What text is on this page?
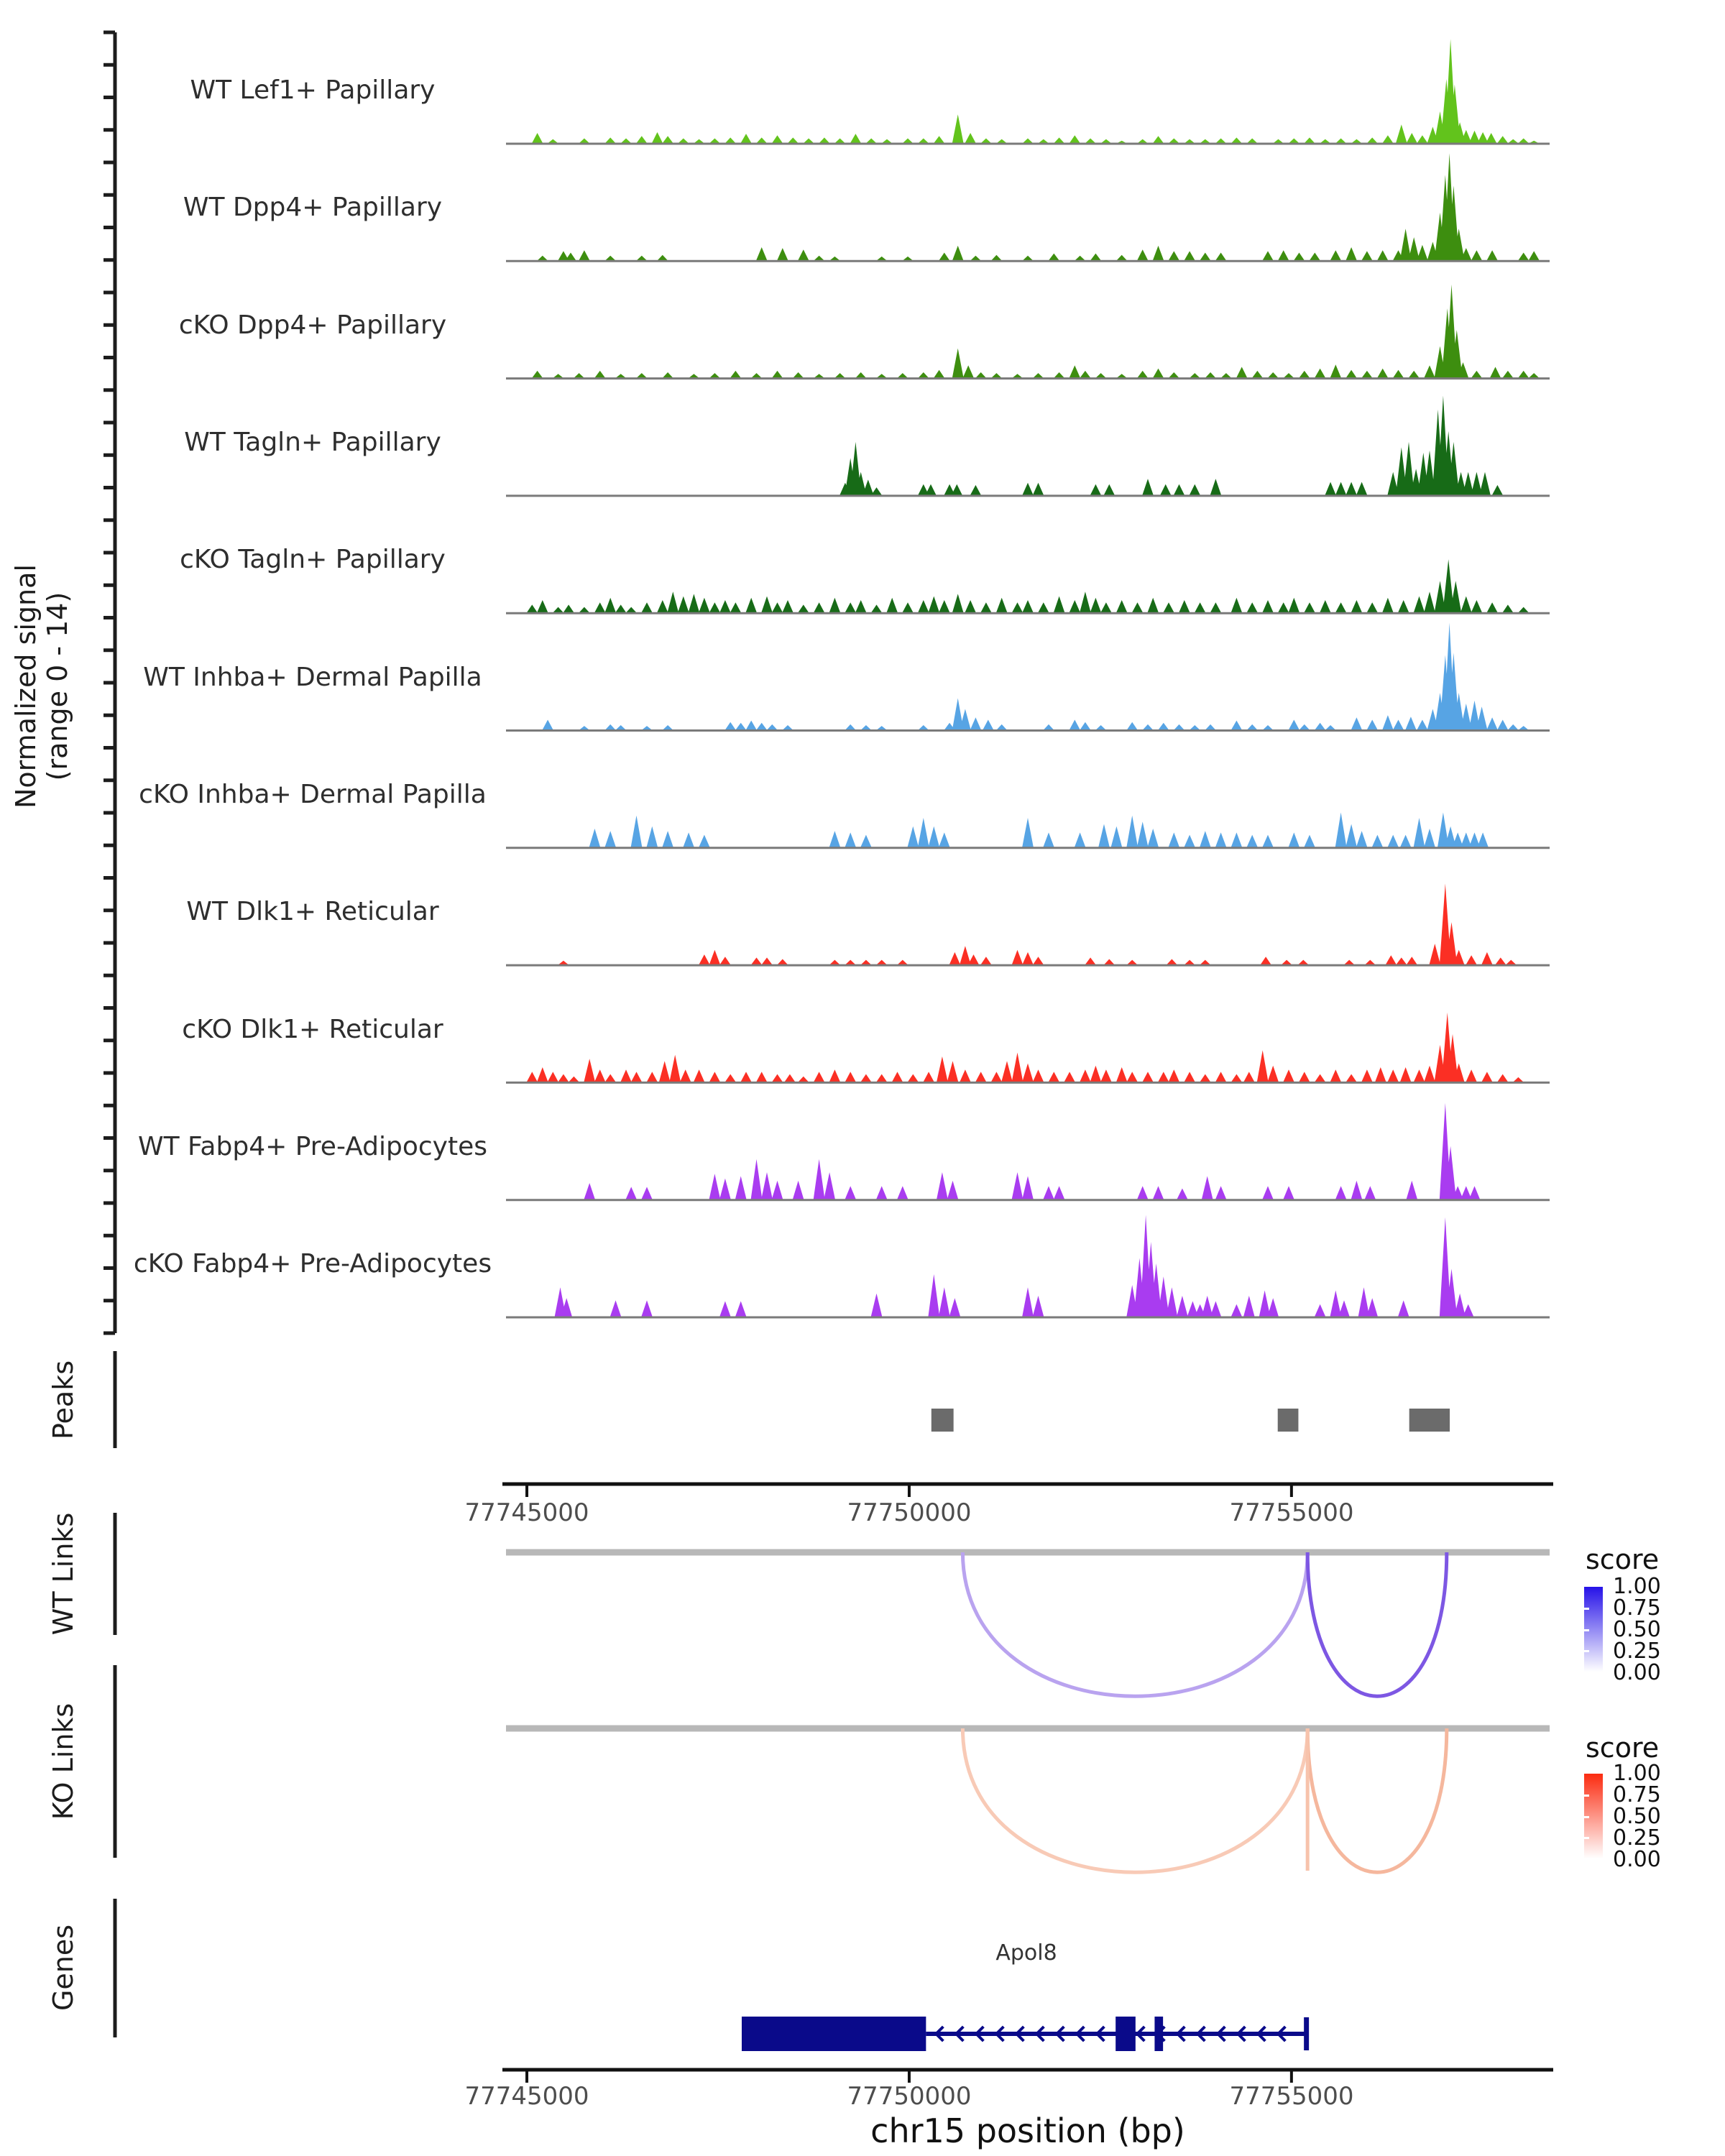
Normalized signal (range 0 - 14)
Peaks
WT Links
KO Links
Genes
WT Lef1+ Papillary
WT Dpp4+ Papillary
cKO Dpp4+ Papillary
WT Tagln+ Papillary
cKO Tagln+ Papillary
WT Inhba+ Dermal Papilla
cKO Inhba+ Dermal Papilla
WT Dlk1+ Reticular
cKO Dlk1+ Reticular
WT Fabp4+ Pre-Adipocytes
cKO Fabp4+ Pre-Adipocytes
77745000	77750000	77755000
score
1.00
0.75
0.50
0.25
0.00
score
1.00
0.75
0.50
0.25
0.00
Apol8
77745000	77750000	77755000
chr15 position (bp)
